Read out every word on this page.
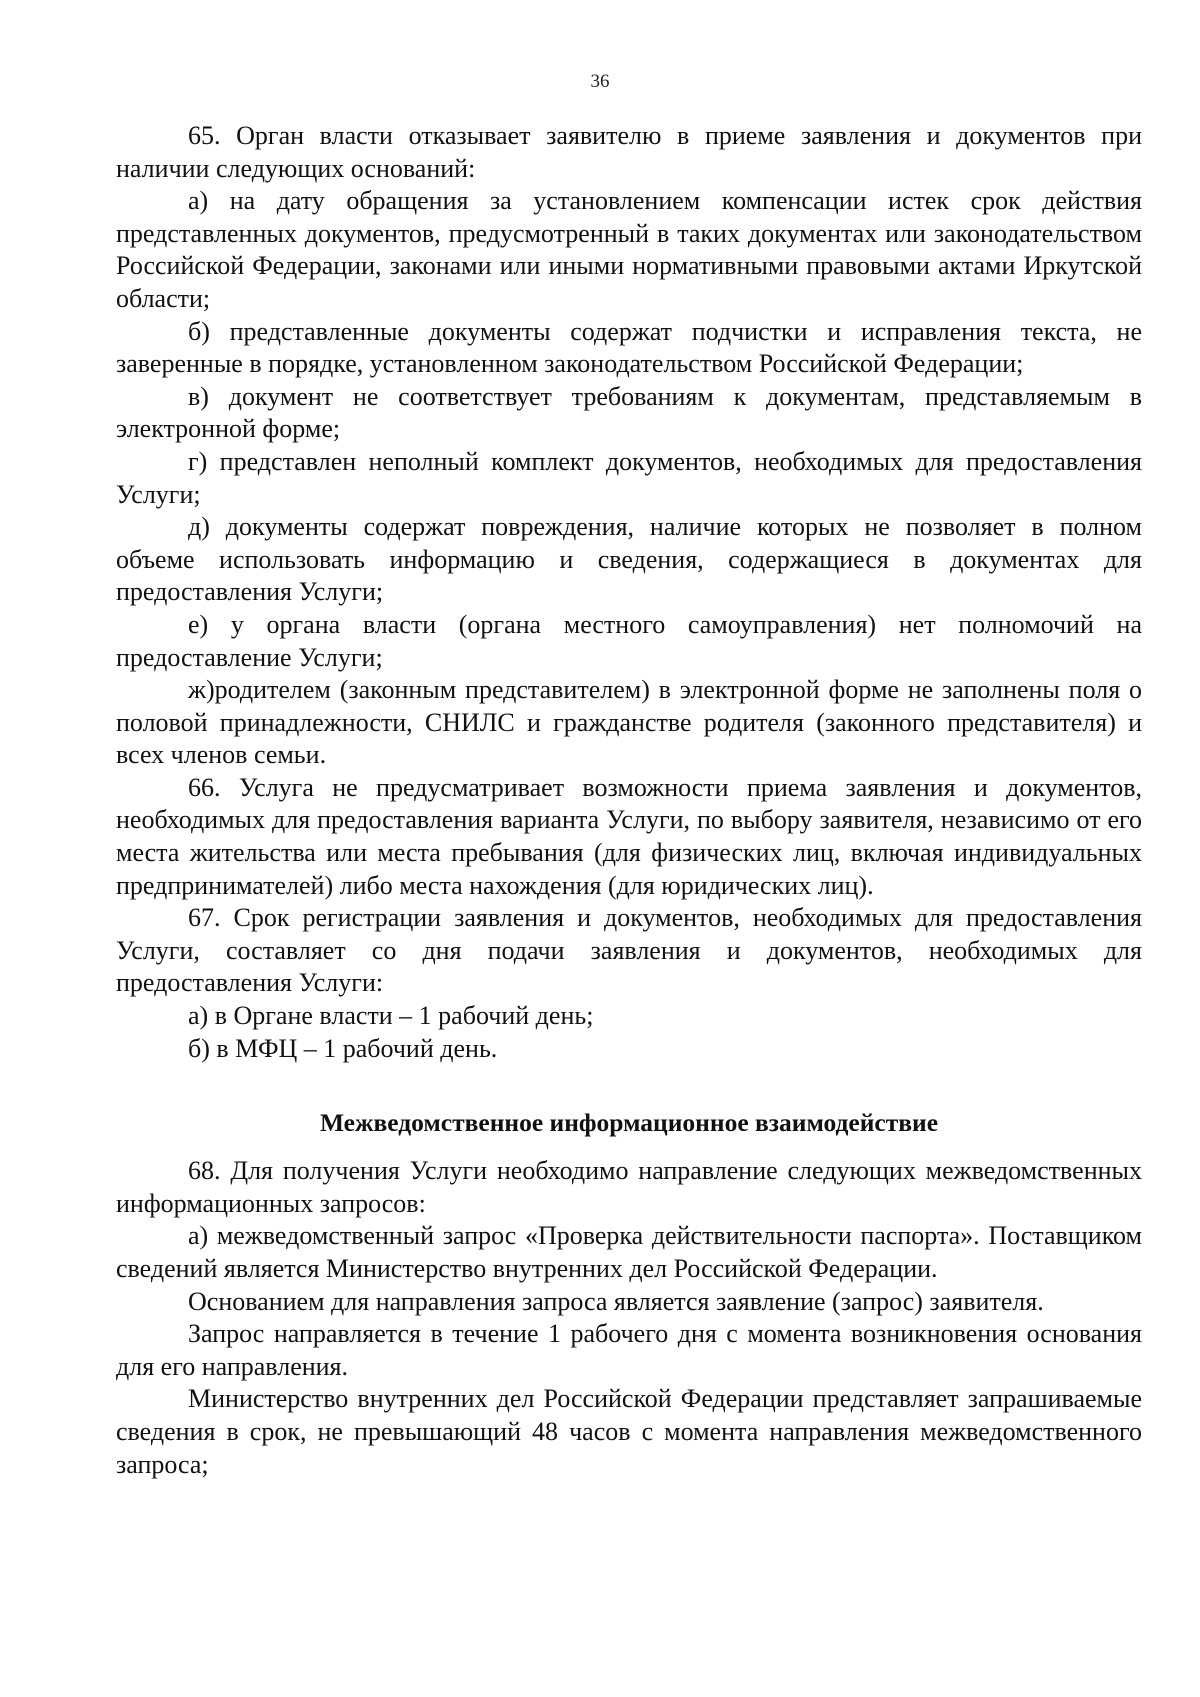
36

65. Орган власти отказывает заявителю в приеме заявления и документов при наличии следующих оснований:

а) на дату обращения за установлением компенсации истек срок действия представленных документов, предусмотренный в таких документах или законодательством Российской Федерации, законами или иными нормативными правовыми актами Иркутской области;

б) представленные документы содержат подчистки и исправления текста, не заверенные в порядке, установленном законодательством Российской Федерации;

в) документ не соответствует требованиям к документам, представляемым в электронной форме;

г) представлен неполный комплект документов, необходимых для предоставления Услуги;

д) документы содержат повреждения, наличие которых не позволяет в полном объеме использовать информацию и сведения, содержащиеся в документах для предоставления Услуги;

е) у органа власти (органа местного самоуправления) нет полномочий на предоставление Услуги;

ж)родителем (законным представителем) в электронной форме не заполнены поля о половой принадлежности, СНИЛС и гражданстве родителя (законного представителя) и всех членов семьи.

66. Услуга не предусматривает возможности приема заявления и документов, необходимых для предоставления варианта Услуги, по выбору заявителя, независимо от его места жительства или места пребывания (для физических лиц, включая индивидуальных предпринимателей) либо места нахождения (для юридических лиц).

67. Срок регистрации заявления и документов, необходимых для предоставления Услуги, составляет со дня подачи заявления и документов, необходимых для предоставления Услуги:

а) в Органе власти – 1 рабочий день;

б) в МФЦ – 1 рабочий день.

Межведомственное информационное взаимодействие

68. Для получения Услуги необходимо направление следующих межведомственных информационных запросов:

а) межведомственный запрос «Проверка действительности паспорта». Поставщиком сведений является Министерство внутренних дел Российской Федерации.

Основанием для направления запроса является заявление (запрос) заявителя.

Запрос направляется в течение 1 рабочего дня с момента возникновения основания для его направления.

Министерство внутренних дел Российской Федерации представляет запрашиваемые сведения в срок, не превышающий 48 часов с момента направления межведомственного запроса;
